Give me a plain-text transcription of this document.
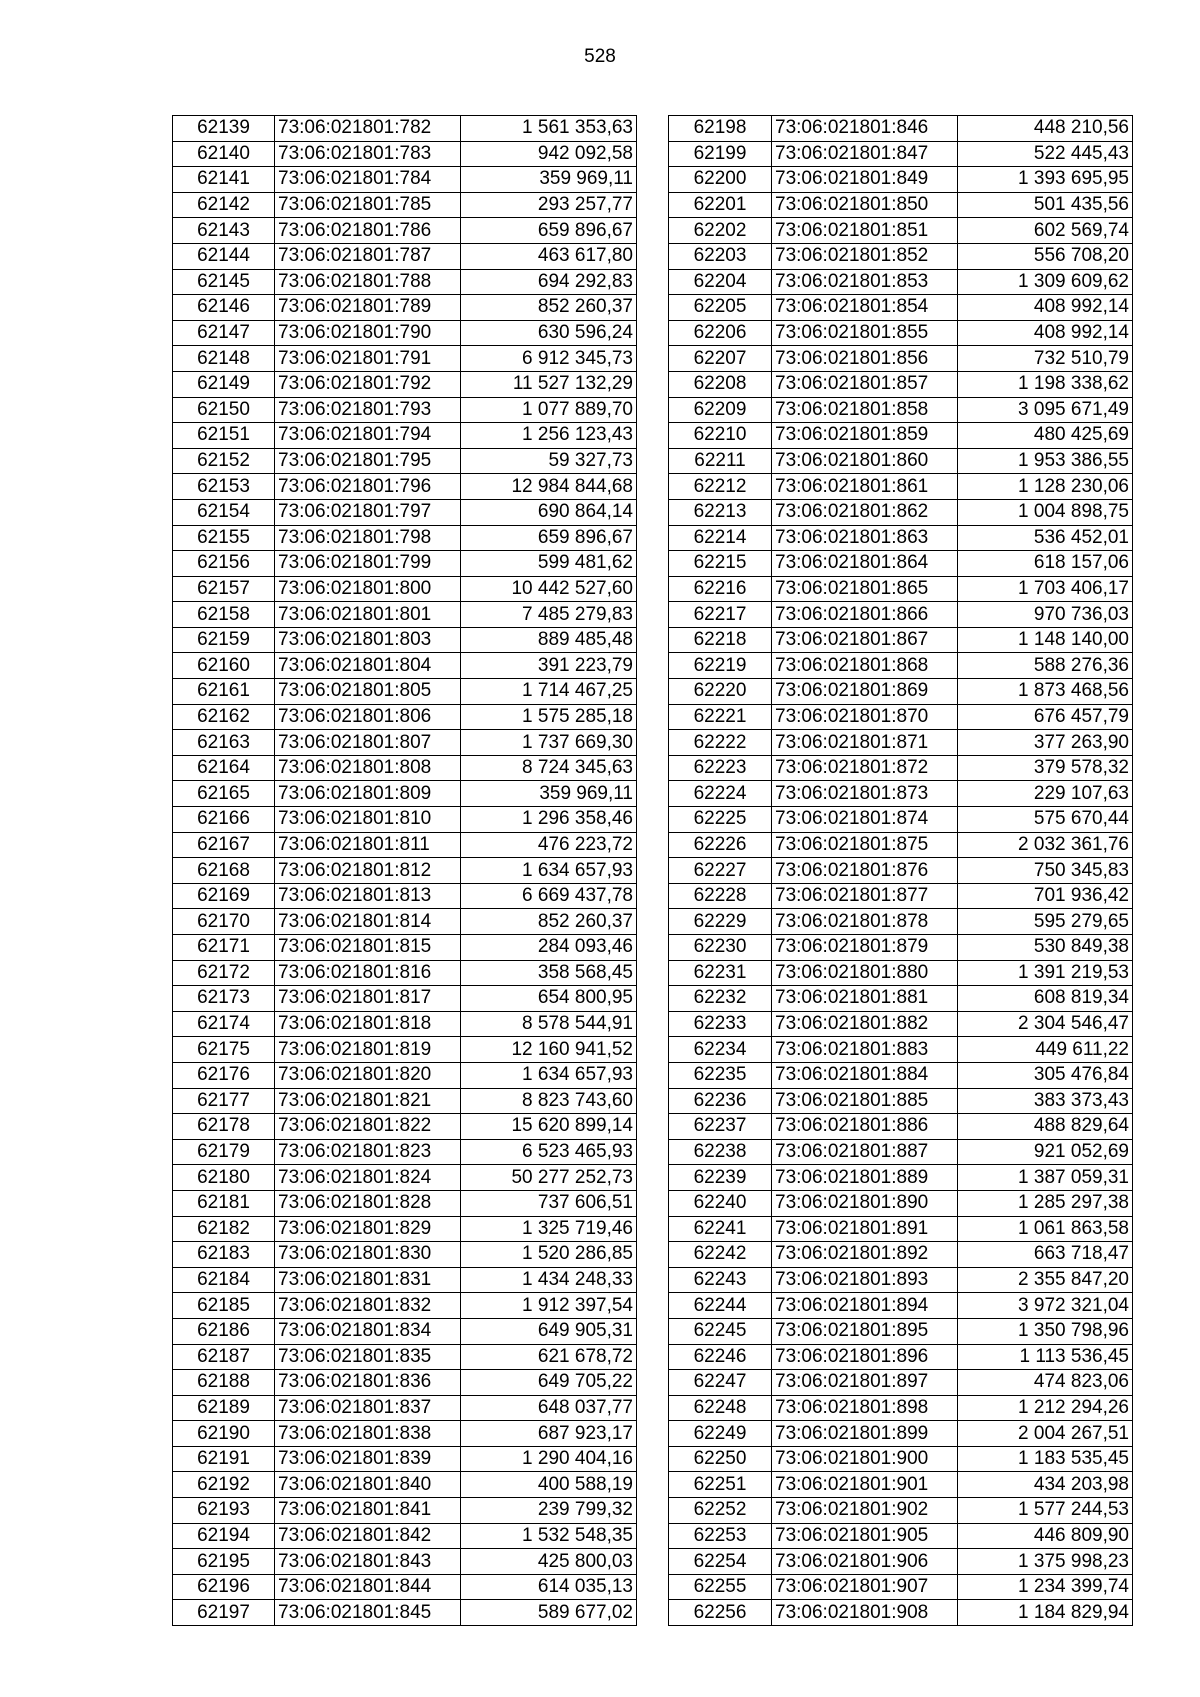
528
62139	73:06:021801:782	1 561 353,63
62140	73:06:021801:783	942 092,58
62141	73:06:021801:784	359 969,11
62142	73:06:021801:785	293 257,77
62143	73:06:021801:786	659 896,67
62144	73:06:021801:787	463 617,80
62145	73:06:021801:788	694 292,83
62146	73:06:021801:789	852 260,37
62147	73:06:021801:790	630 596,24
62148	73:06:021801:791	6 912 345,73
62149	73:06:021801:792	11 527 132,29
62150	73:06:021801:793	1 077 889,70
62151	73:06:021801:794	1 256 123,43
62152	73:06:021801:795	59 327,73
62153	73:06:021801:796	12 984 844,68
62154	73:06:021801:797	690 864,14
62155	73:06:021801:798	659 896,67
62156	73:06:021801:799	599 481,62
62157	73:06:021801:800	10 442 527,60
62158	73:06:021801:801	7 485 279,83
62159	73:06:021801:803	889 485,48
62160	73:06:021801:804	391 223,79
62161	73:06:021801:805	1 714 467,25
62162	73:06:021801:806	1 575 285,18
62163	73:06:021801:807	1 737 669,30
62164	73:06:021801:808	8 724 345,63
62165	73:06:021801:809	359 969,11
62166	73:06:021801:810	1 296 358,46
62167	73:06:021801:811	476 223,72
62168	73:06:021801:812	1 634 657,93
62169	73:06:021801:813	6 669 437,78
62170	73:06:021801:814	852 260,37
62171	73:06:021801:815	284 093,46
62172	73:06:021801:816	358 568,45
62173	73:06:021801:817	654 800,95
62174	73:06:021801:818	8 578 544,91
62175	73:06:021801:819	12 160 941,52
62176	73:06:021801:820	1 634 657,93
62177	73:06:021801:821	8 823 743,60
62178	73:06:021801:822	15 620 899,14
62179	73:06:021801:823	6 523 465,93
62180	73:06:021801:824	50 277 252,73
62181	73:06:021801:828	737 606,51
62182	73:06:021801:829	1 325 719,46
62183	73:06:021801:830	1 520 286,85
62184	73:06:021801:831	1 434 248,33
62185	73:06:021801:832	1 912 397,54
62186	73:06:021801:834	649 905,31
62187	73:06:021801:835	621 678,72
62188	73:06:021801:836	649 705,22
62189	73:06:021801:837	648 037,77
62190	73:06:021801:838	687 923,17
62191	73:06:021801:839	1 290 404,16
62192	73:06:021801:840	400 588,19
62193	73:06:021801:841	239 799,32
62194	73:06:021801:842	1 532 548,35
62195	73:06:021801:843	425 800,03
62196	73:06:021801:844	614 035,13
62197	73:06:021801:845	589 677,02
62198	73:06:021801:846	448 210,56
62199	73:06:021801:847	522 445,43
62200	73:06:021801:849	1 393 695,95
62201	73:06:021801:850	501 435,56
62202	73:06:021801:851	602 569,74
62203	73:06:021801:852	556 708,20
62204	73:06:021801:853	1 309 609,62
62205	73:06:021801:854	408 992,14
62206	73:06:021801:855	408 992,14
62207	73:06:021801:856	732 510,79
62208	73:06:021801:857	1 198 338,62
62209	73:06:021801:858	3 095 671,49
62210	73:06:021801:859	480 425,69
62211	73:06:021801:860	1 953 386,55
62212	73:06:021801:861	1 128 230,06
62213	73:06:021801:862	1 004 898,75
62214	73:06:021801:863	536 452,01
62215	73:06:021801:864	618 157,06
62216	73:06:021801:865	1 703 406,17
62217	73:06:021801:866	970 736,03
62218	73:06:021801:867	1 148 140,00
62219	73:06:021801:868	588 276,36
62220	73:06:021801:869	1 873 468,56
62221	73:06:021801:870	676 457,79
62222	73:06:021801:871	377 263,90
62223	73:06:021801:872	379 578,32
62224	73:06:021801:873	229 107,63
62225	73:06:021801:874	575 670,44
62226	73:06:021801:875	2 032 361,76
62227	73:06:021801:876	750 345,83
62228	73:06:021801:877	701 936,42
62229	73:06:021801:878	595 279,65
62230	73:06:021801:879	530 849,38
62231	73:06:021801:880	1 391 219,53
62232	73:06:021801:881	608 819,34
62233	73:06:021801:882	2 304 546,47
62234	73:06:021801:883	449 611,22
62235	73:06:021801:884	305 476,84
62236	73:06:021801:885	383 373,43
62237	73:06:021801:886	488 829,64
62238	73:06:021801:887	921 052,69
62239	73:06:021801:889	1 387 059,31
62240	73:06:021801:890	1 285 297,38
62241	73:06:021801:891	1 061 863,58
62242	73:06:021801:892	663 718,47
62243	73:06:021801:893	2 355 847,20
62244	73:06:021801:894	3 972 321,04
62245	73:06:021801:895	1 350 798,96
62246	73:06:021801:896	1 113 536,45
62247	73:06:021801:897	474 823,06
62248	73:06:021801:898	1 212 294,26
62249	73:06:021801:899	2 004 267,51
62250	73:06:021801:900	1 183 535,45
62251	73:06:021801:901	434 203,98
62252	73:06:021801:902	1 577 244,53
62253	73:06:021801:905	446 809,90
62254	73:06:021801:906	1 375 998,23
62255	73:06:021801:907	1 234 399,74
62256	73:06:021801:908	1 184 829,94
